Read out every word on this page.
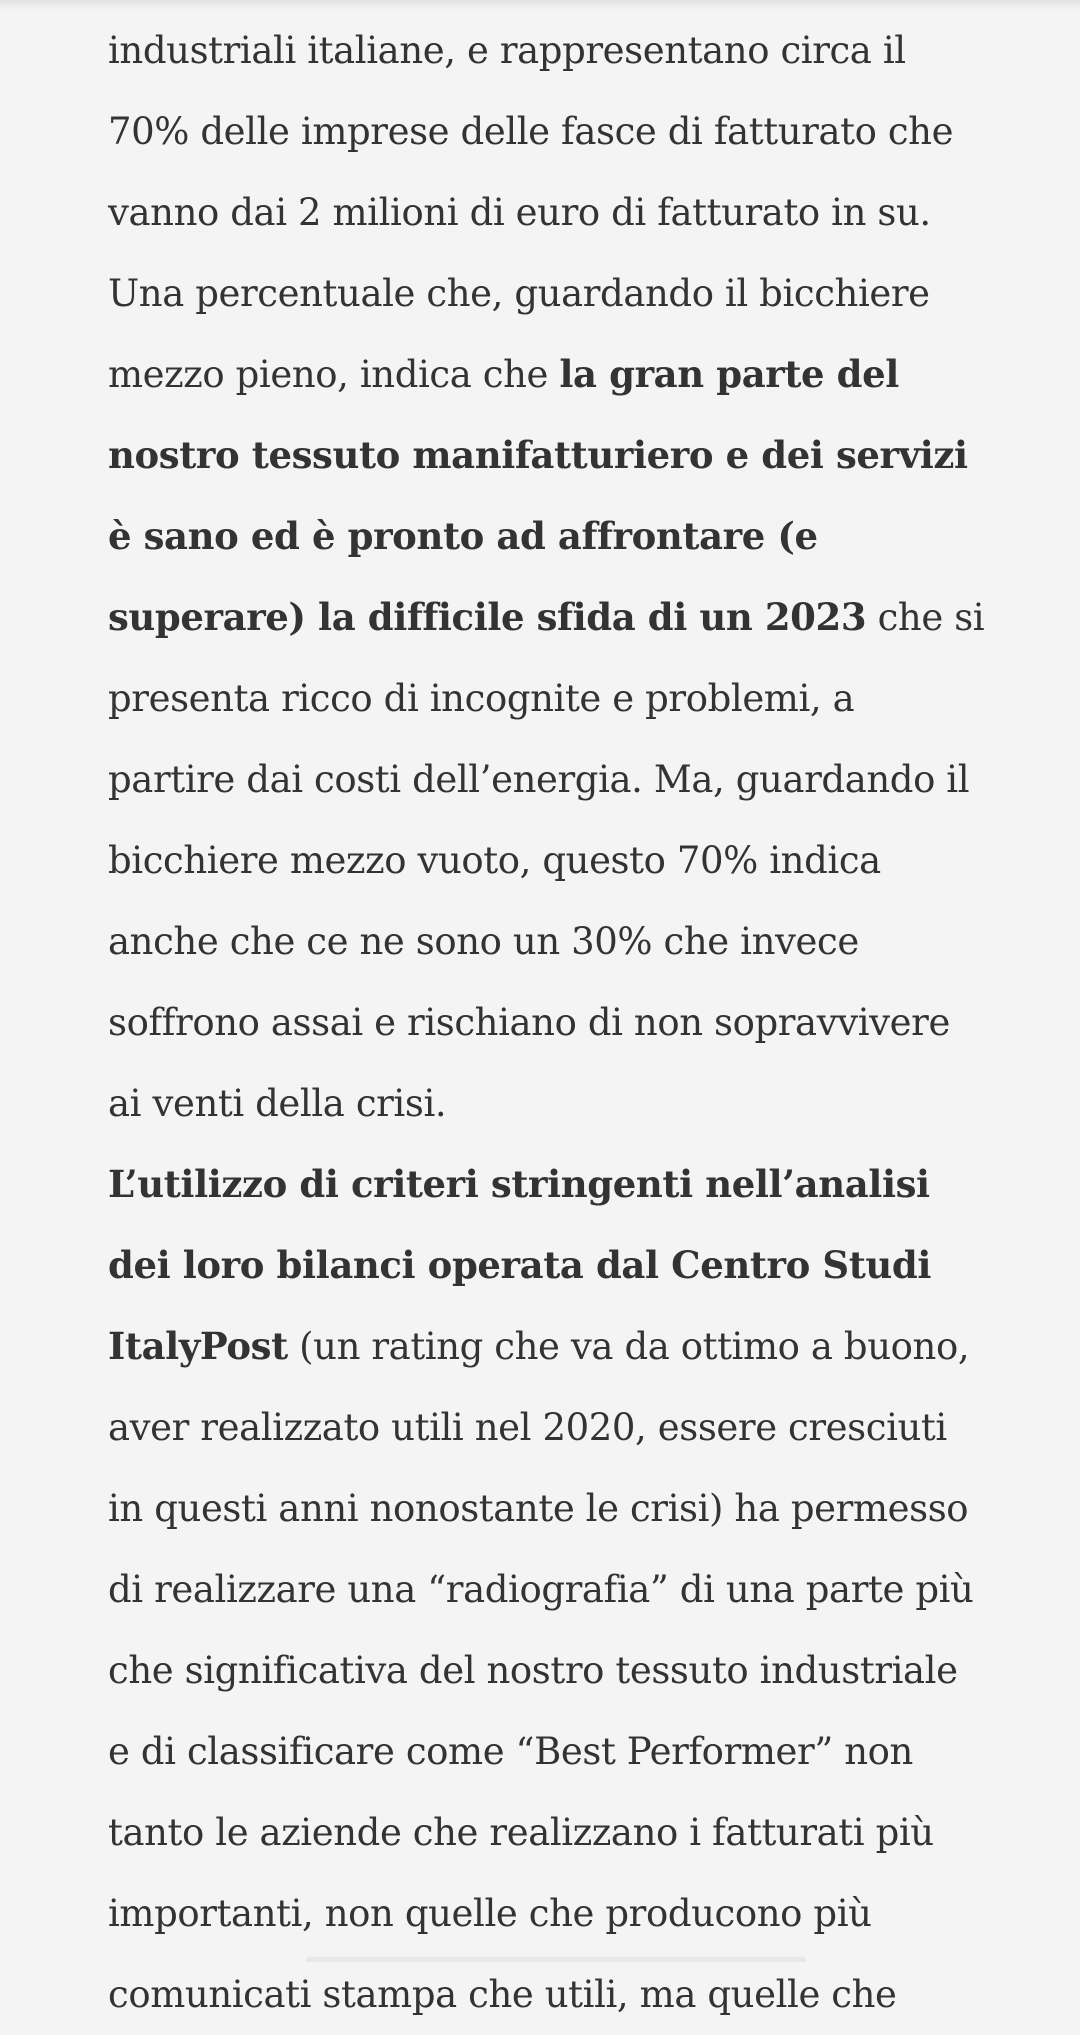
industriali italiane, e rappresentano circa il 70% delle imprese delle fasce di fatturato che vanno dai 2 milioni di euro di fatturato in su.

Una percentuale che, guardando il bicchiere mezzo pieno, indica che la gran parte del nostro tessuto manifatturiero e dei servizi è sano ed è pronto ad affrontare (e superare) la difficile sfida di un 2023 che si presenta ricco di incognite e problemi, a partire dai costi dell’energia. Ma, guardando il bicchiere mezzo vuoto, questo 70% indica anche che ce ne sono un 30% che invece soffrono assai e rischiano di non sopravvivere ai venti della crisi.

L’utilizzo di criteri stringenti nell’analisi dei loro bilanci operata dal Centro Studi ItalyPost (un rating che va da ottimo a buono, aver realizzato utili nel 2020, essere cresciuti in questi anni nonostante le crisi) ha permesso di realizzare una “radiografia” di una parte più che significativa del nostro tessuto industriale e di classificare come “Best Performer” non tanto le aziende che realizzano i fatturati più importanti, non quelle che producono più comunicati stampa che utili, ma quelle che
